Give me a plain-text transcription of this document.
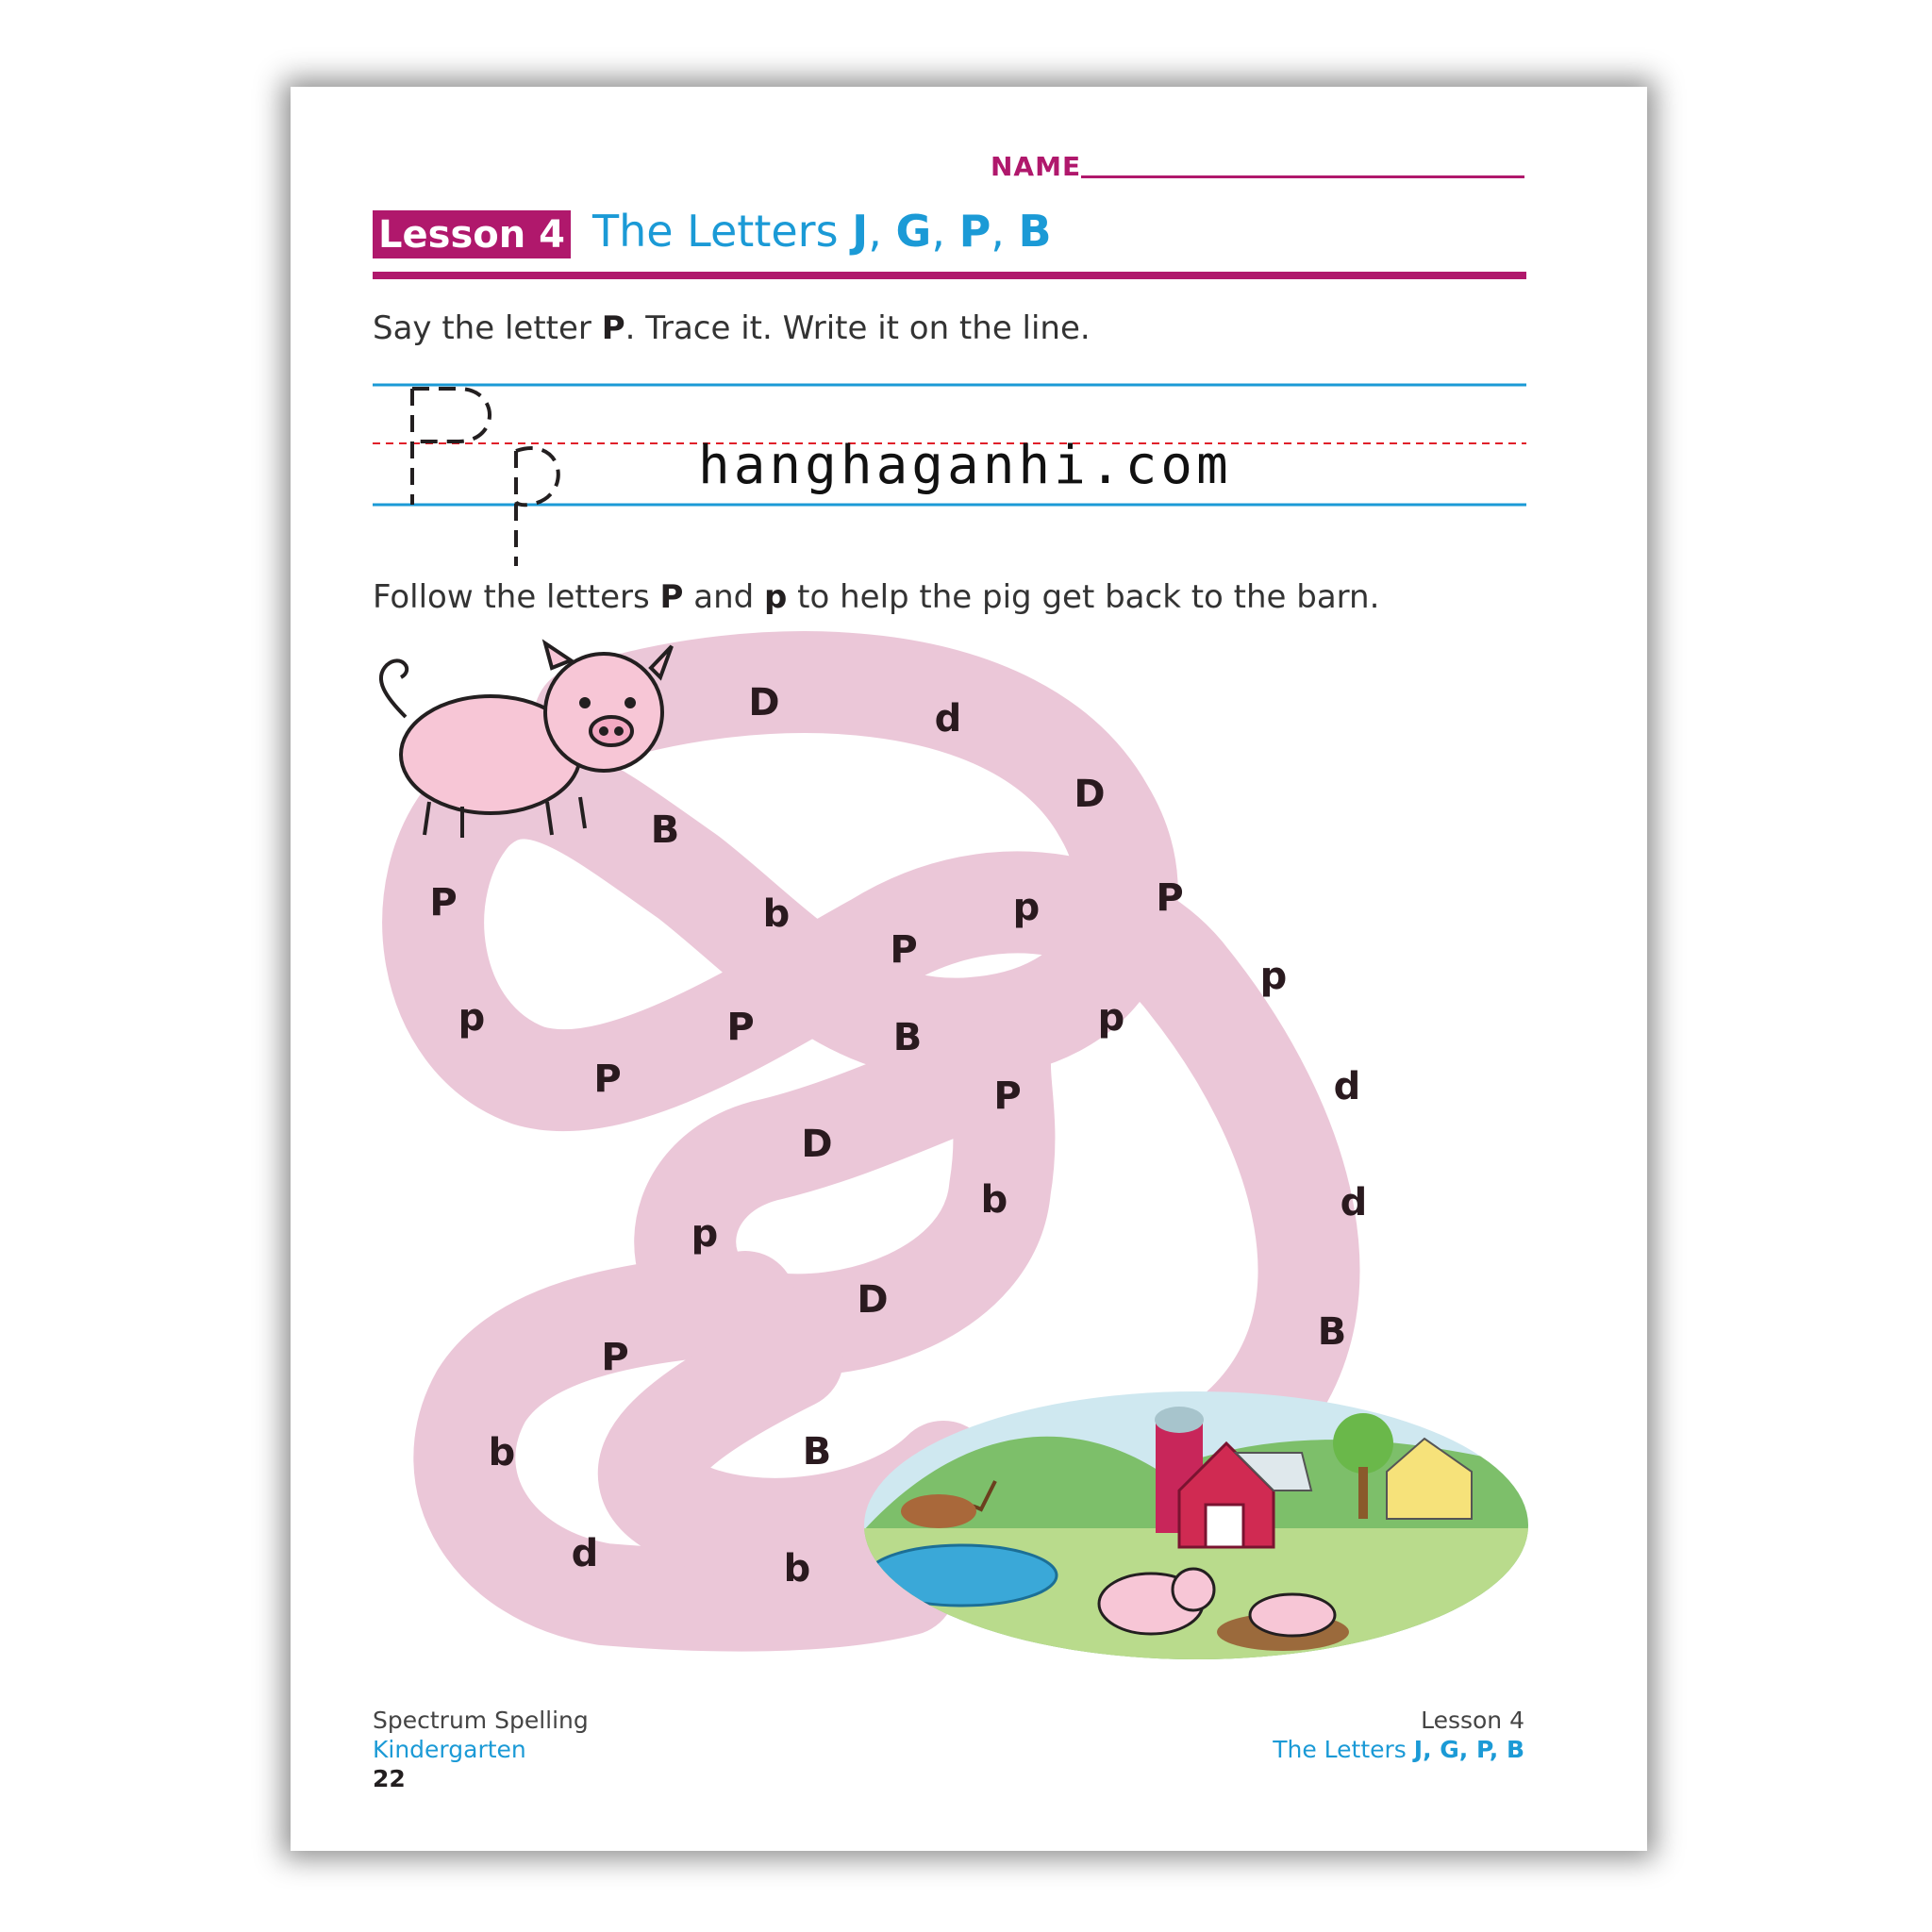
NAME
Lesson 4 The Letters J, G, P, B
Say the letter P. Trace it. Write it on the line.
Follow the letters P and p to help the pig get back to the barn.
D	d
D
B
P	b	p
P
P
p
p	P	p
P
B
d
D
P
d
b
p
D
B
P
b	B
d	b
hanghaganhi.com
Spectrum Spelling
Kindergarten
22
Lesson 4
The Letters J, G, P, B
